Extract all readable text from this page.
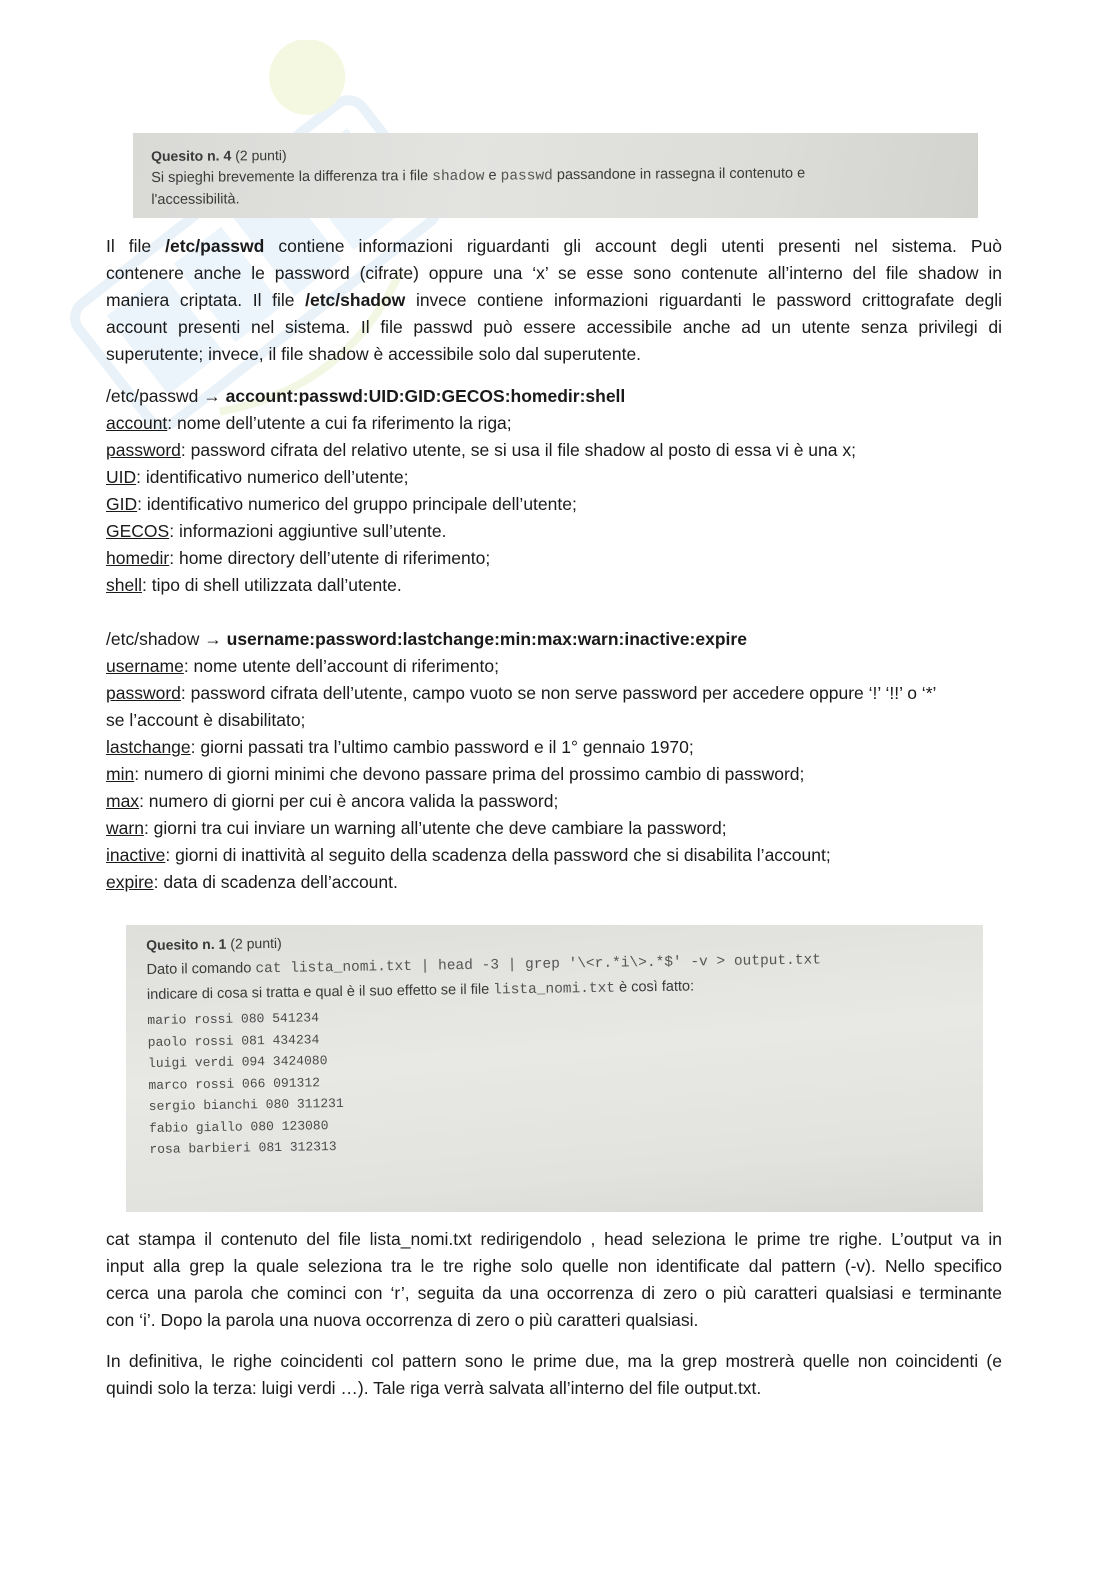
Quesito n. 4 (2 punti)
Si spieghi brevemente la differenza tra i file shadow e passwd passandone in rassegna il contenuto e
l'accessibilità.
Il file /etc/passwd contiene informazioni riguardanti gli account degli utenti presenti nel sistema. Può
contenere anche le password (cifrate) oppure una ‘x’ se esse sono contenute all’interno del file shadow in
maniera criptata. Il file /etc/shadow invece contiene informazioni riguardanti le password crittografate degli
account presenti nel sistema. Il file passwd può essere accessibile anche ad un utente senza privilegi di
superutente; invece, il file shadow è accessibile solo dal superutente.
/etc/passwd → account:passwd:UID:GID:GECOS:homedir:shell
account: nome dell’utente a cui fa riferimento la riga;
password: password cifrata del relativo utente, se si usa il file shadow al posto di essa vi è una x;
UID: identificativo numerico dell’utente;
GID: identificativo numerico del gruppo principale dell’utente;
GECOS: informazioni aggiuntive sull’utente.
homedir: home directory dell’utente di riferimento;
shell: tipo di shell utilizzata dall’utente.
/etc/shadow → username:password:lastchange:min:max:warn:inactive:expire
username: nome utente dell’account di riferimento;
password: password cifrata dell’utente, campo vuoto se non serve password per accedere oppure ‘!’ ‘!!’ o ‘*’
se l’account è disabilitato;
lastchange: giorni passati tra l’ultimo cambio password e il 1° gennaio 1970;
min: numero di giorni minimi che devono passare prima del prossimo cambio di password;
max: numero di giorni per cui è ancora valida la password;
warn: giorni tra cui inviare un warning all’utente che deve cambiare la password;
inactive: giorni di inattività al seguito della scadenza della password che si disabilita l’account;
expire: data di scadenza dell’account.
Quesito n. 1 (2 punti)
Dato il comando cat lista_nomi.txt | head -3 | grep '\<r.*i\>.*$' -v > output.txt
indicare di cosa si tratta e qual è il suo effetto se il file lista_nomi.txt è così fatto:
mario rossi 080 541234
paolo rossi 081 434234
luigi verdi 094 3424080
marco rossi 066 091312
sergio bianchi 080 311231
fabio giallo 080 123080
rosa barbieri 081 312313
cat stampa il contenuto del file lista_nomi.txt redirigendolo , head seleziona le prime tre righe. L’output va in
input alla grep la quale seleziona tra le tre righe solo quelle non identificate dal pattern (-v). Nello specifico
cerca una parola che cominci con ‘r’, seguita da una occorrenza di zero o più caratteri qualsiasi e terminante
con ‘i’. Dopo la parola una nuova occorrenza di zero o più caratteri qualsiasi.
In definitiva, le righe coincidenti col pattern sono le prime due, ma la grep mostrerà quelle non coincidenti (e
quindi solo la terza: luigi verdi …). Tale riga verrà salvata all’interno del file output.txt.
